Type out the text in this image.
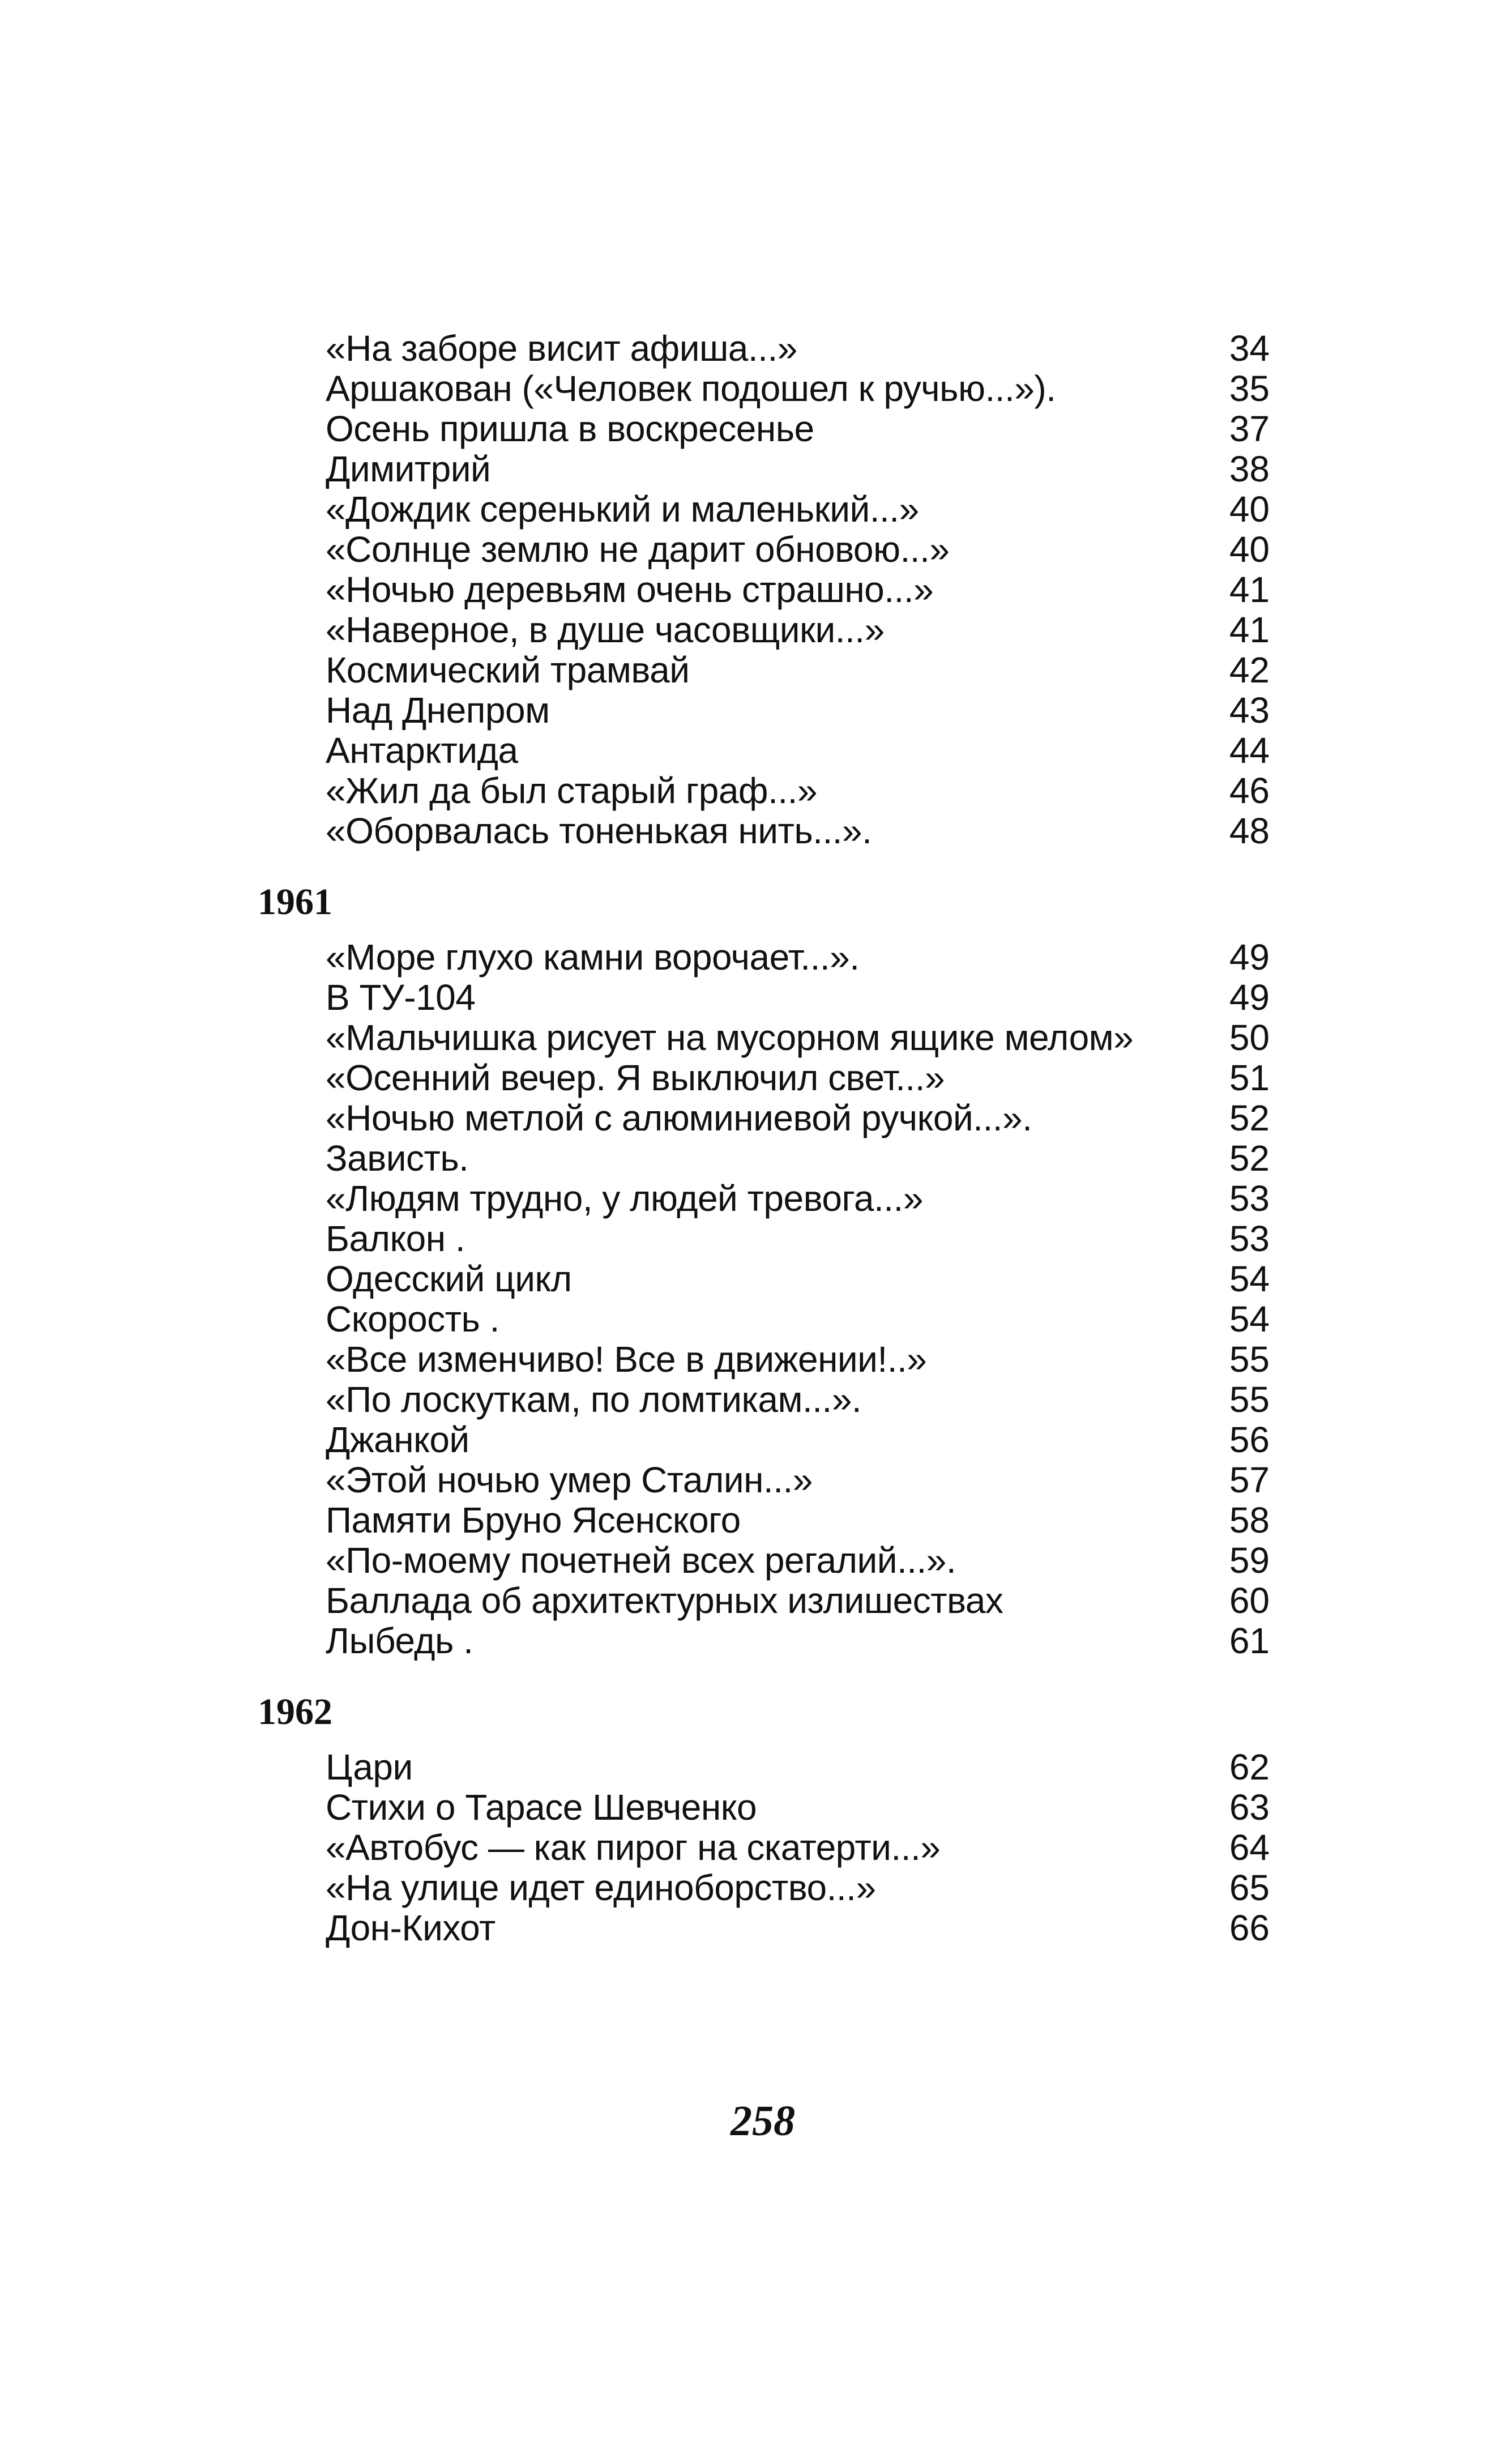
«На заборе висит афиша...»	34
Аршакован («Человек подошел к ручью...»).	35
Осень пришла в воскресенье	37
Димитрий	38
«Дождик серенький и маленький...»	40
«Солнце землю не дарит обновою...»	40
«Ночью деревьям очень страшно...»	41
«Наверное, в душе часовщики...»	41
Космический трамвай	42
Над Днепром	43
Антарктида	44
«Жил да был старый граф...»	46
«Оборвалась тоненькая нить...».	48
1961
«Море глухо камни ворочает...».	49
В ТУ-104	49
«Мальчишка рисует на мусорном ящике мелом»	50
«Осенний вечер. Я выключил свет...»	51
«Ночью метлой с алюминиевой ручкой...».	52
Зависть.	52
«Людям трудно, у людей тревога...»	53
Балкон .	53
Одесский цикл	54
Скорость .	54
«Все изменчиво! Все в движении!..»	55
«По лоскуткам, по ломтикам...».	55
Джанкой	56
«Этой ночью умер Сталин...»	57
Памяти Бруно Ясенского	58
«По-моему почетней всех регалий...».	59
Баллада об архитектурных излишествах	60
Лыбедь .	61
1962
Цари	62
Стихи о Тарасе Шевченко	63
«Автобус — как пирог на скатерти...»	64
«На улице идет единоборство...»	65
Дон-Кихот	66
258
